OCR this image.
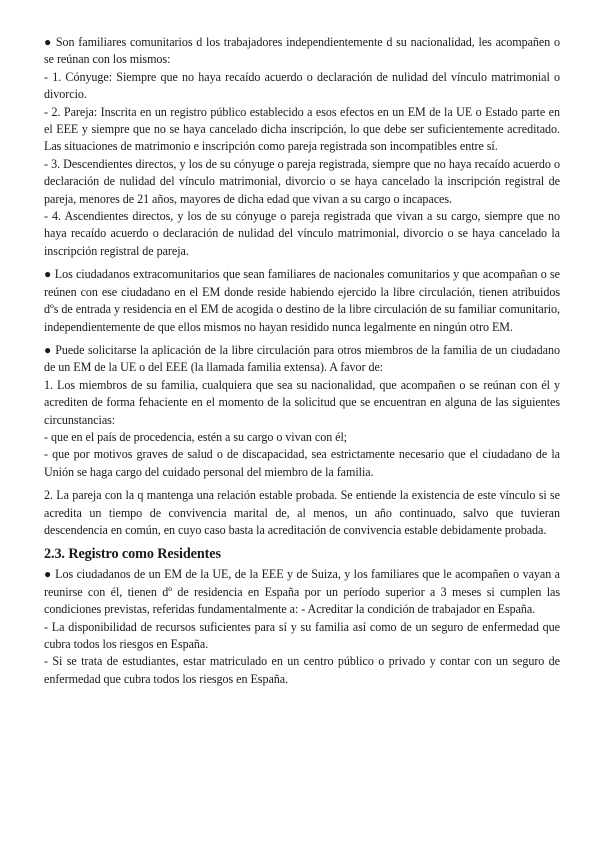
● Son familiares comunitarios d los trabajadores independientemente d su nacionalidad, les acompañen o se reúnan con los mismos:
- 1. Cónyuge: Siempre que no haya recaído acuerdo o declaración de nulidad del vínculo matrimonial o divorcio.
- 2. Pareja: Inscrita en un registro público establecido a esos efectos en un EM de la UE o Estado parte en el EEE y siempre que no se haya cancelado dicha inscripción, lo que debe ser suficientemente acreditado. Las situaciones de matrimonio e inscripción como pareja registrada son incompatibles entre sí.
- 3. Descendientes directos, y los de su cónyuge o pareja registrada, siempre que no haya recaído acuerdo o declaración de nulidad del vínculo matrimonial, divorcio o se haya cancelado la inscripción registral de pareja, menores de 21 años, mayores de dicha edad que vivan a su cargo o incapaces.
- 4. Ascendientes directos, y los de su cónyuge o pareja registrada que vivan a su cargo, siempre que no haya recaído acuerdo o declaración de nulidad del vínculo matrimonial, divorcio o se haya cancelado la inscripción registral de pareja.
● Los ciudadanos extracomunitarios que sean familiares de nacionales comunitarios y que acompañan o se reúnen con ese ciudadano en el EM donde reside habiendo ejercido la libre circulación, tienen atribuidos dºs de entrada y residencia en el EM de acogida o destino de la libre circulación de su familiar comunitario, independientemente de que ellos mismos no hayan residido nunca legalmente en ningún otro EM.
● Puede solicitarse la aplicación de la libre circulación para otros miembros de la familia de un ciudadano de un EM de la UE o del EEE (la llamada familia extensa). A favor de:
1. Los miembros de su familia, cualquiera que sea su nacionalidad, que acompañen o se reúnan con él y acrediten de forma fehaciente en el momento de la solicitud que se encuentran en alguna de las siguientes circunstancias:
- que en el país de procedencia, estén a su cargo o vivan con él;
- que por motivos graves de salud o de discapacidad, sea estrictamente necesario que el ciudadano de la Unión se haga cargo del cuidado personal del miembro de la familia.
2. La pareja con la q mantenga una relación estable probada. Se entiende la existencia de este vínculo si se acredita un tiempo de convivencia marital de, al menos, un año continuado, salvo que tuvieran descendencia en común, en cuyo caso basta la acreditación de convivencia estable debidamente probada.
2.3. Registro como Residentes
● Los ciudadanos de un EM de la UE, de la EEE y de Suiza, y los familiares que le acompañen o vayan a reunirse con él, tienen dº de residencia en España por un período superior a 3 meses si cumplen las condiciones previstas, referidas fundamentalmente a: - Acreditar la condición de trabajador en España.
- La disponibilidad de recursos suficientes para sí y su familia así como de un seguro de enfermedad que cubra todos los riesgos en España.
- Si se trata de estudiantes, estar matriculado en un centro público o privado y contar con un seguro de enfermedad que cubra todos los riesgos en España.
